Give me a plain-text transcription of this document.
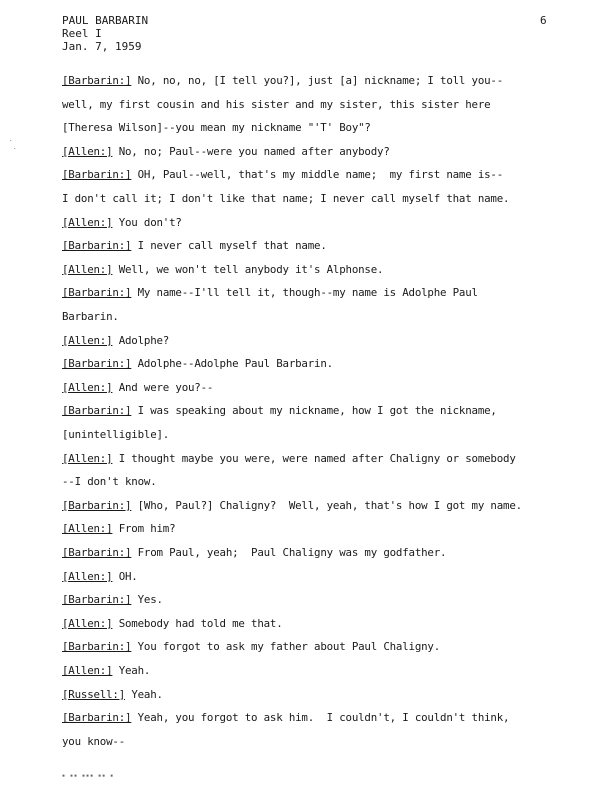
PAUL BARBARIN
Reel I
Jan. 7, 1959
6
˙
˙
[Barbarin:] No, no, no, [I tell you?], just [a] nickname; I toll you--
well, my first cousin and his sister and my sister, this sister here
[Theresa Wilson]--you mean my nickname "'T' Boy"?
[Allen:] No, no; Paul--were you named after anybody?
[Barbarin:] OH, Paul--well, that's my middle name;  my first name is--
I don't call it; I don't like that name; I never call myself that name.
[Allen:] You don't?
[Barbarin:] I never call myself that name.
[Allen:] Well, we won't tell anybody it's Alphonse.
[Barbarin:] My name--I'll tell it, though--my name is Adolphe Paul
Barbarin.
[Allen:] Adolphe?
[Barbarin:] Adolphe--Adolphe Paul Barbarin.
[Allen:] And were you?--
[Barbarin:] I was speaking about my nickname, how I got the nickname,
[unintelligible].
[Allen:] I thought maybe you were, were named after Chaligny or somebody
--I don't know.
[Barbarin:] [Who, Paul?] Chaligny?  Well, yeah, that's how I got my name.
[Allen:] From him?
[Barbarin:] From Paul, yeah;  Paul Chaligny was my godfather.
[Allen:] OH.
[Barbarin:] Yes.
[Allen:] Somebody had told me that.
[Barbarin:] You forgot to ask my father about Paul Chaligny.
[Allen:] Yeah.
[Russell:] Yeah.
[Barbarin:] Yeah, you forgot to ask him.  I couldn't, I couldn't think,
you know--
▪ ▪▪ ▪▪▪ ▪▪ ▪
